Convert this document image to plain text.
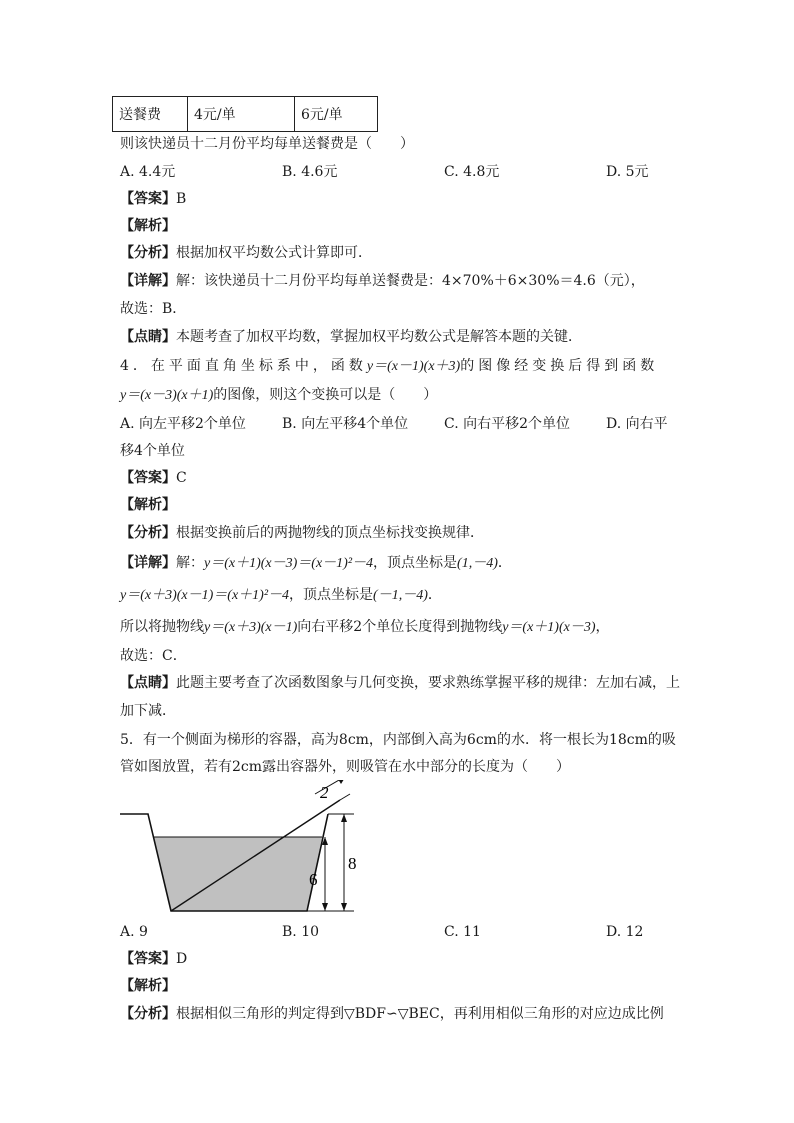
送餐费	4元/单	6元/单
则该快递员十二月份平均每单送餐费是（　　）
A. 4.4元	B. 4.6元	C. 4.8元	D. 5元
【答案】B
【解析】
【分析】根据加权平均数公式计算即可．
【详解】解：该快递员十二月份平均每单送餐费是：4×70%＋6×30%＝4.6（元），
故选：B．
【点睛】本题考查了加权平均数，掌握加权平均数公式是解答本题的关键．
4．在平面直角坐标系中，函数y＝(x－1)(x＋3)的图像经变换后得到函数
y＝(x－3)(x＋1)的图像，则这个变换可以是（　　）
A. 向左平移2个单位	B. 向左平移4个单位	C. 向右平移2个单位	D. 向右平
移4个单位
【答案】C
【解析】
【分析】根据变换前后的两抛物线的顶点坐标找变换规律．
【详解】解：y＝(x＋1)(x－3)＝(x－1)²－4，顶点坐标是(1,－4)．
y＝(x＋3)(x－1)＝(x＋1)²－4，顶点坐标是(－1,－4)．
所以将抛物线y＝(x＋3)(x－1)向右平移2个单位长度得到抛物线y＝(x＋1)(x－3)，
故选：C．
【点睛】此题主要考查了次函数图象与几何变换，要求熟练掌握平移的规律：左加右减，上
加下减．
5．有一个侧面为梯形的容器，高为8cm，内部倒入高为6cm的水．将一根长为18cm的吸
管如图放置，若有2cm露出容器外，则吸管在水中部分的长度为（　　）
2
8
6
A. 9	B. 10	C. 11	D. 12
【答案】D
【解析】
【分析】根据相似三角形的判定得到▽BDF∽▽BEC，再利用相似三角形的对应边成比例
